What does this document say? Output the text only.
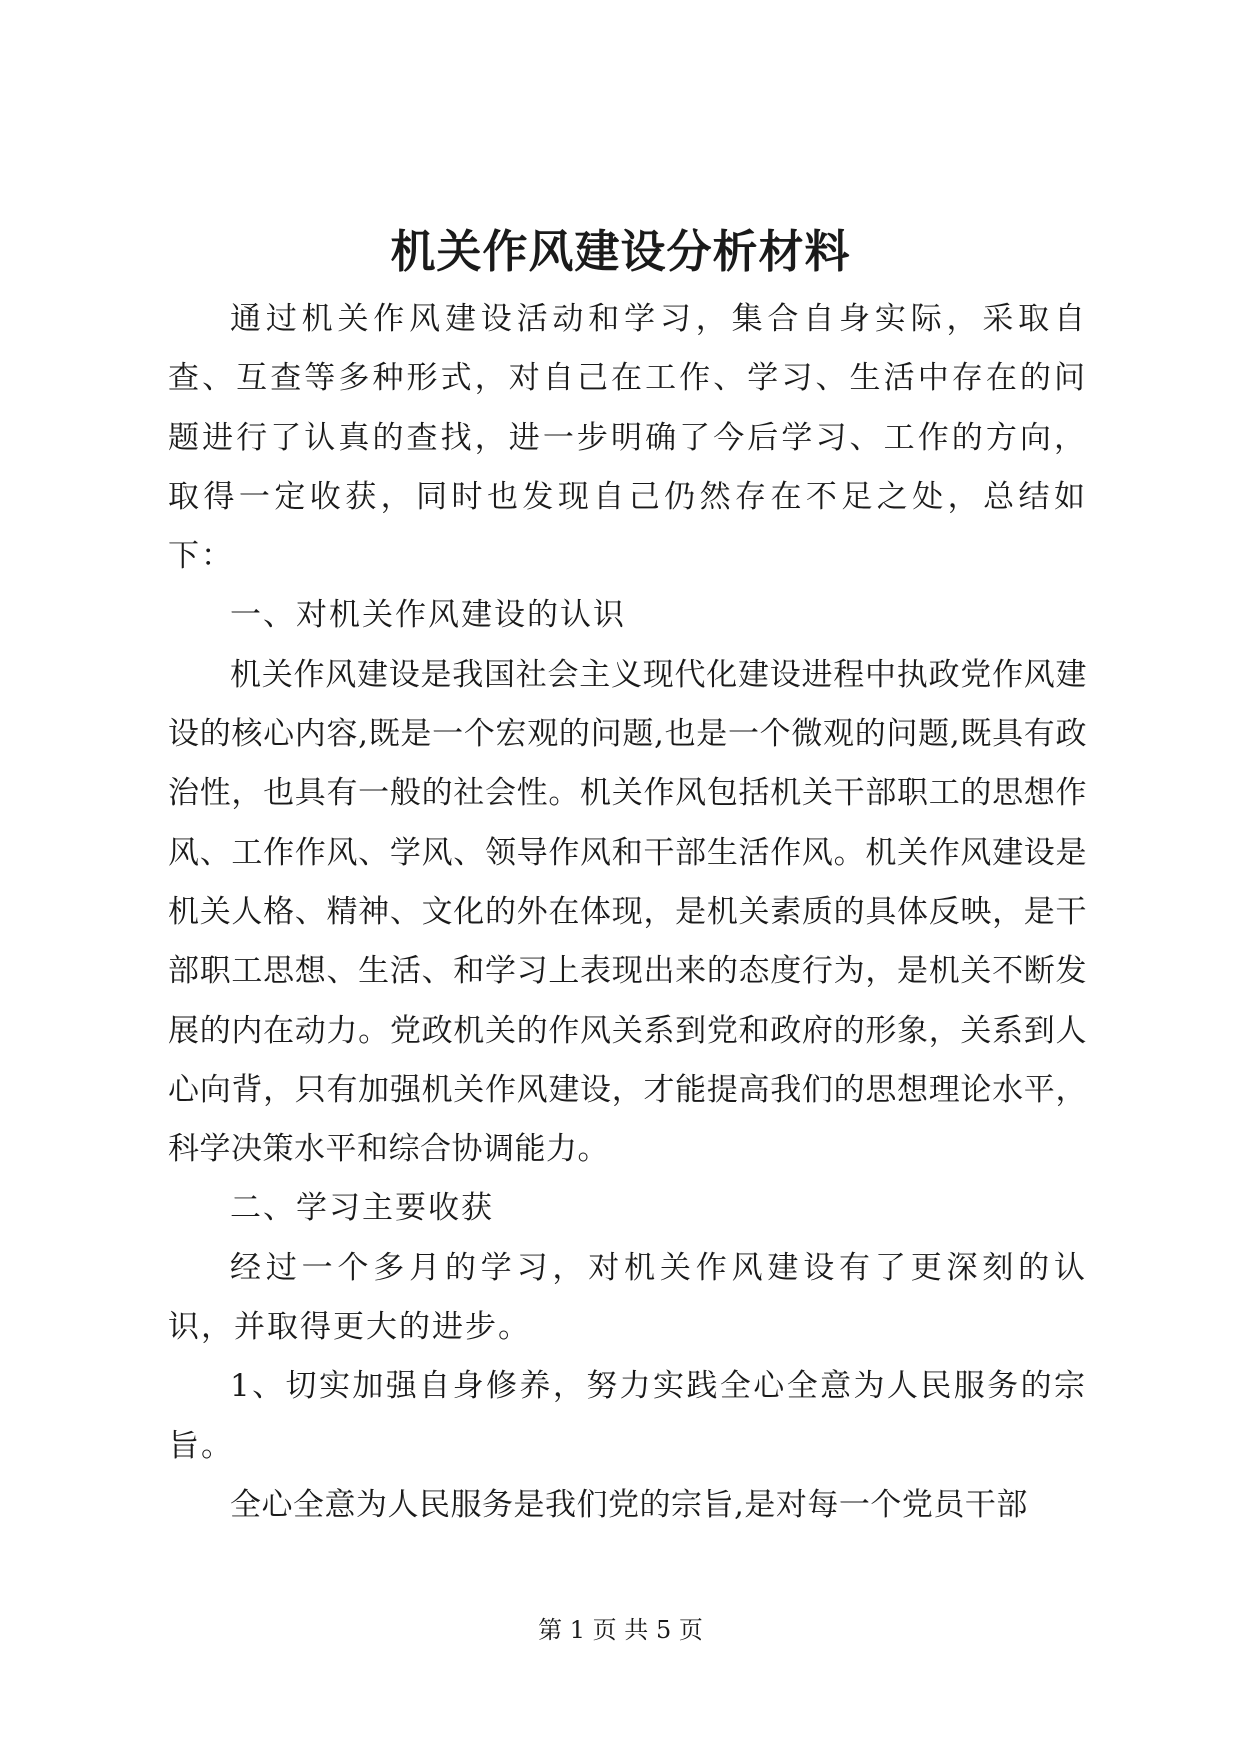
机关作风建设分析材料

通过机关作风建设活动和学习，集合自身实际，采取自查、互查等多种形式，对自己在工作、学习、生活中存在的问题进行了认真的查找，进一步明确了今后学习、工作的方向，取得一定收获，同时也发现自己仍然存在不足之处，总结如下：

一、对机关作风建设的认识

机关作风建设是我国社会主义现代化建设进程中执政党作风建设的核心内容,既是一个宏观的问题,也是一个微观的问题,既具有政治性，也具有一般的社会性。机关作风包括机关干部职工的思想作风、工作作风、学风、领导作风和干部生活作风。机关作风建设是机关人格、精神、文化的外在体现，是机关素质的具体反映，是干部职工思想、生活、和学习上表现出来的态度行为，是机关不断发展的内在动力。党政机关的作风关系到党和政府的形象，关系到人心向背，只有加强机关作风建设，才能提高我们的思想理论水平，科学决策水平和综合协调能力。

二、学习主要收获

经过一个多月的学习，对机关作风建设有了更深刻的认识，并取得更大的进步。

1、切实加强自身修养，努力实践全心全意为人民服务的宗旨。

全心全意为人民服务是我们党的宗旨,是对每一个党员干部

第 1 页 共 5 页
